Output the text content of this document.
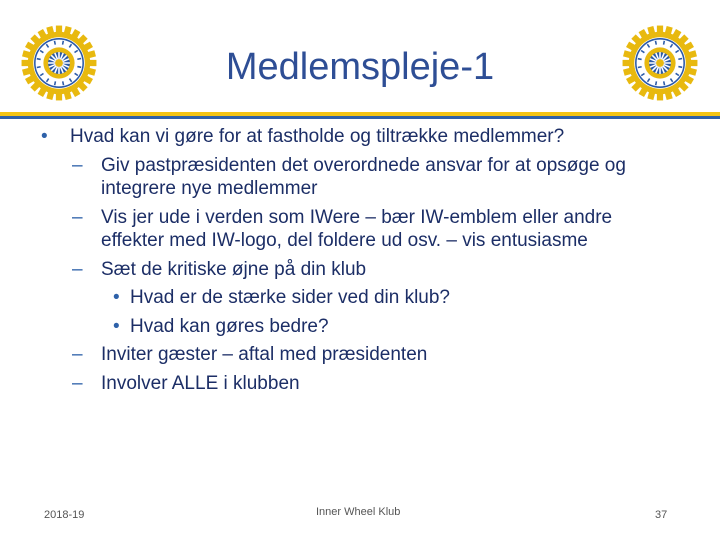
Medlemspleje-1
• Hvad kan vi gøre for at fastholde og tiltrække medlemmer?
– Giv pastpræsidenten det overordnede ansvar for at opsøge og integrere nye medlemmer
– Vis jer ude i verden som IWere – bær IW-emblem eller andre effekter med IW-logo, del foldere ud osv. – vis entusiasme
– Sæt de kritiske øjne på din klub
• Hvad er de stærke sider ved din klub?
• Hvad kan gøres bedre?
– Inviter gæster – aftal med præsidenten
– Involver ALLE i klubben
2018-19	Inner Wheel Klub	37
